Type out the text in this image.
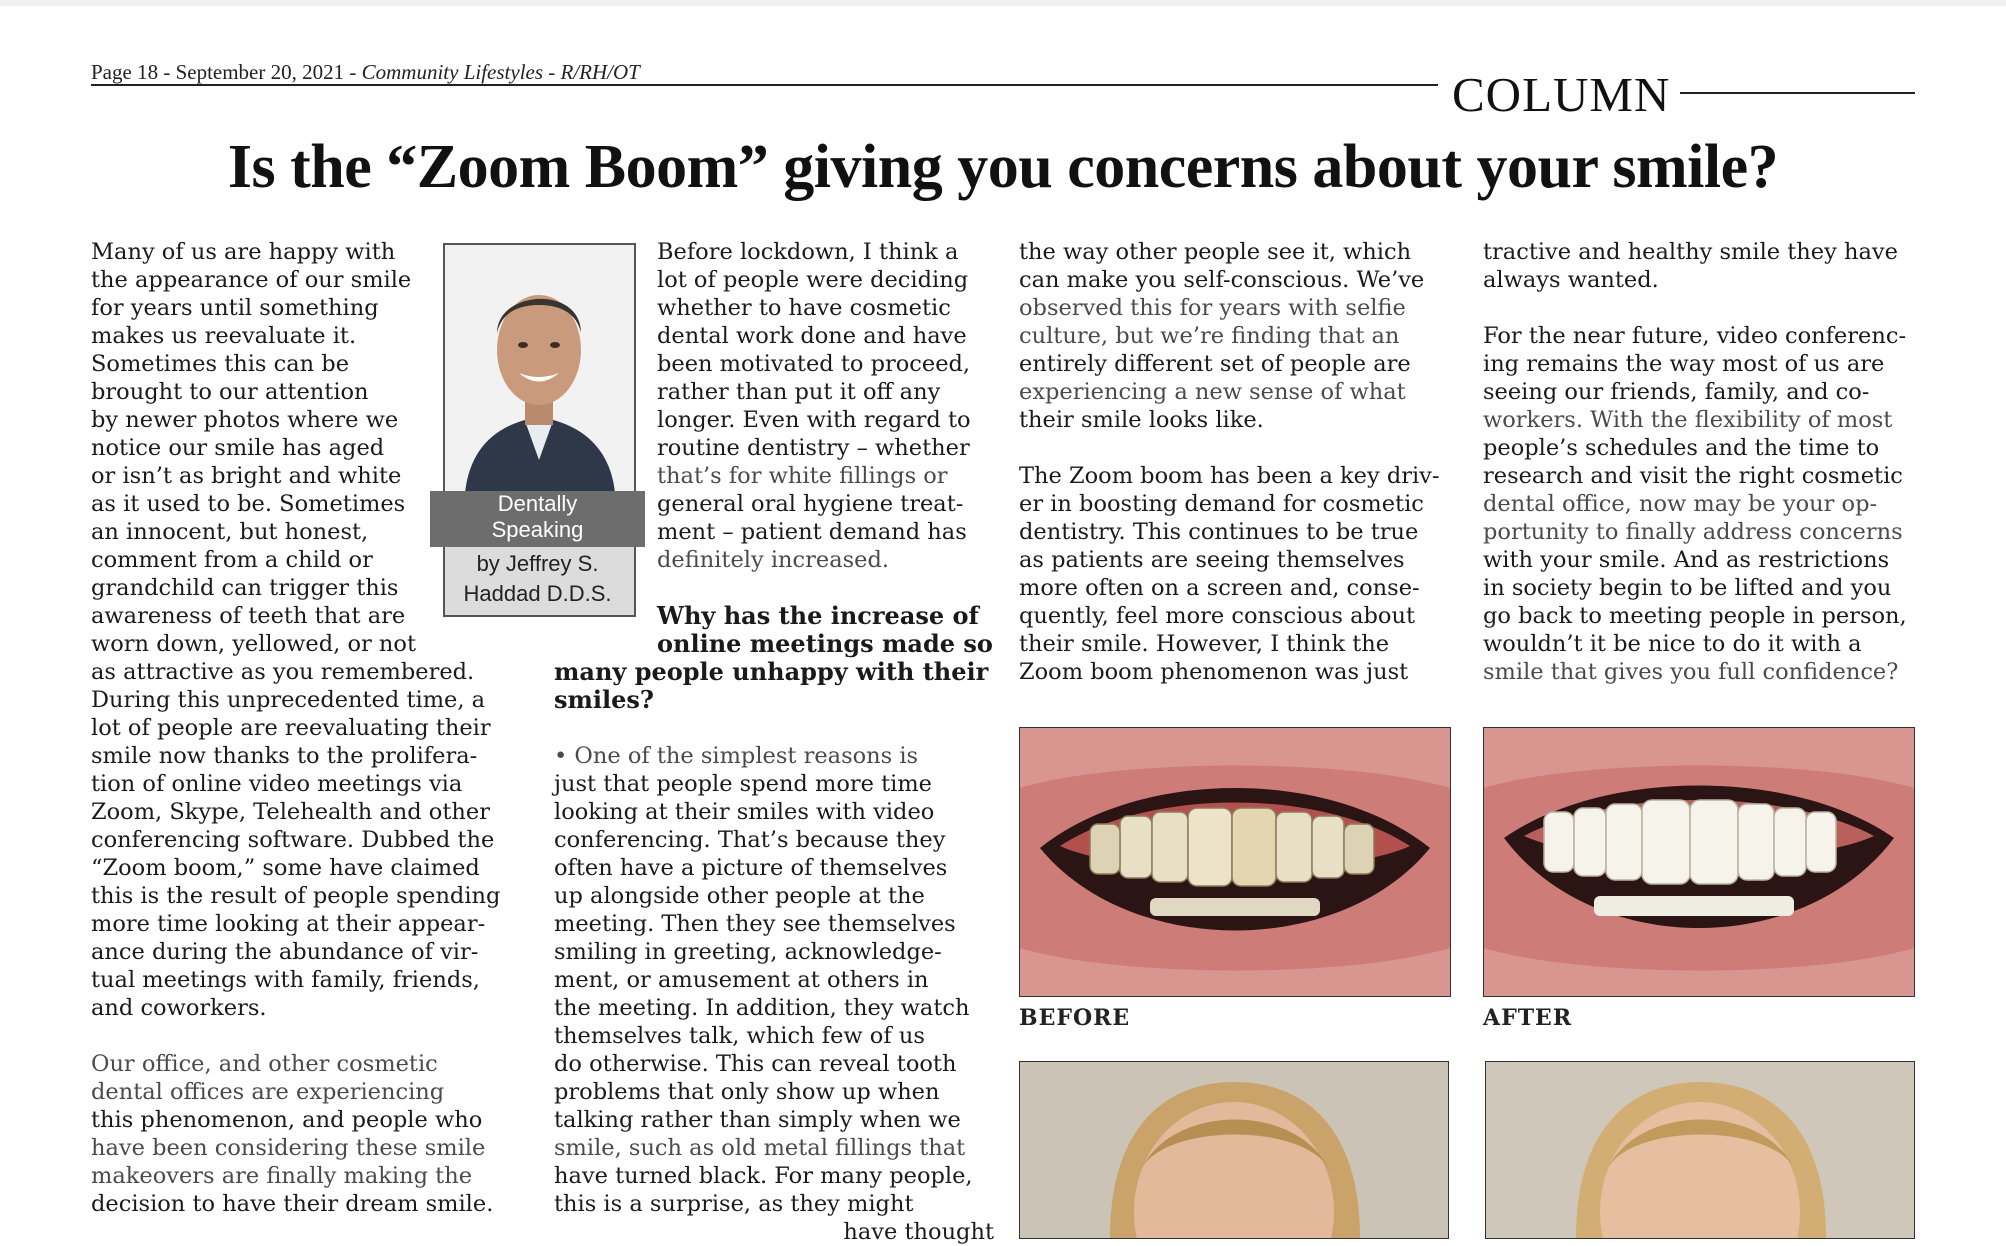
Page 18 - September 20, 2021 - Community Lifestyles - R/RH/OT	COLUMN
Is the “Zoom Boom” giving you concerns about your smile?
Many of us are happy with
the appearance of our smile
for years until something
makes us reevaluate it.
Sometimes this can be
brought to our attention
by newer photos where we
notice our smile has aged
or isn’t as bright and white
as it used to be. Sometimes
an innocent, but honest,
comment from a child or
grandchild can trigger this
awareness of teeth that are
worn down, yellowed, or not
as attractive as you remembered.
During this unprecedented time, a
lot of people are reevaluating their
smile now thanks to the prolifera-
tion of online video meetings via
Zoom, Skype, Telehealth and other
conferencing software. Dubbed the
“Zoom boom,” some have claimed
this is the result of people spending
more time looking at their appear-
ance during the abundance of vir-
tual meetings with family, friends,
and coworkers.
Our office, and other cosmetic
dental offices are experiencing
this phenomenon, and people who
have been considering these smile
makeovers are finally making the
decision to have their dream smile.
Dentally
Speaking
by Jeffrey S.
Haddad D.D.S.
Before lockdown, I think a
lot of people were deciding
whether to have cosmetic
dental work done and have
been motivated to proceed,
rather than put it off any
longer. Even with regard to
routine dentistry – whether
that’s for white fillings or
general oral hygiene treat-
ment – patient demand has
definitely increased.
Why has the increase of
online meetings made so
many people unhappy with their
smiles?
• One of the simplest reasons is
just that people spend more time
looking at their smiles with video
conferencing. That’s because they
often have a picture of themselves
up alongside other people at the
meeting. Then they see themselves
smiling in greeting, acknowledge-
ment, or amusement at others in
the meeting. In addition, they watch
themselves talk, which few of us
do otherwise. This can reveal tooth
problems that only show up when
talking rather than simply when we
smile, such as old metal fillings that
have turned black. For many people,
this is a surprise, as they might
have thought
the way other people see it, which
can make you self-conscious. We’ve
observed this for years with selfie
culture, but we’re finding that an
entirely different set of people are
experiencing a new sense of what
their smile looks like.
The Zoom boom has been a key driv-
er in boosting demand for cosmetic
dentistry. This continues to be true
as patients are seeing themselves
more often on a screen and, conse-
quently, feel more conscious about
their smile. However, I think the
Zoom boom phenomenon was just
tractive and healthy smile they have
always wanted.
For the near future, video conferenc-
ing remains the way most of us are
seeing our friends, family, and co-
workers. With the flexibility of most
people’s schedules and the time to
research and visit the right cosmetic
dental office, now may be your op-
portunity to finally address concerns
with your smile. And as restrictions
in society begin to be lifted and you
go back to meeting people in person,
wouldn’t it be nice to do it with a
smile that gives you full confidence?
BEFORE	AFTER
